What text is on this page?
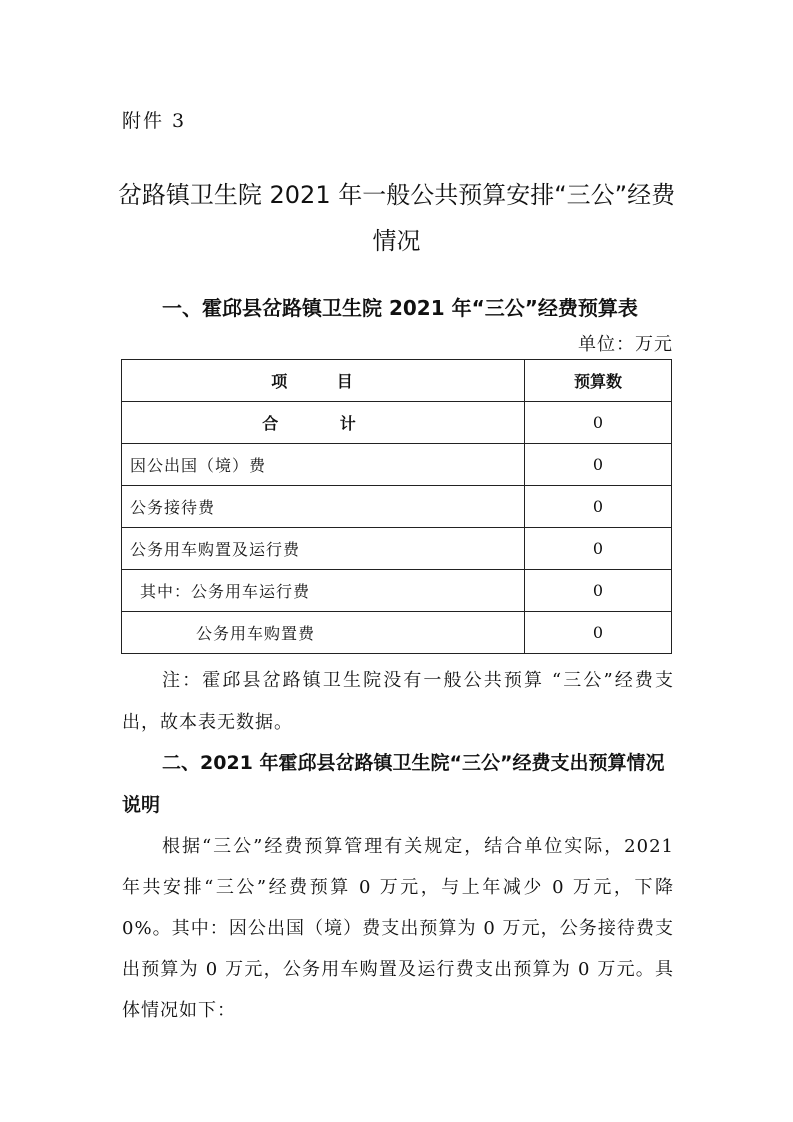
附件 3
岔路镇卫生院 2021 年一般公共预算安排“三公”经费情况
一、霍邱县岔路镇卫生院 2021 年“三公”经费预算表
单位：万元
项 目	预算数
合 计	0
因公出国（境）费	0
公务接待费	0
公务用车购置及运行费	0
其中：公务用车运行费	0
公务用车购置费	0
注：霍邱县岔路镇卫生院没有一般公共预算 “三公”经费支出，故本表无数据。
二、2021 年霍邱县岔路镇卫生院“三公”经费支出预算情况说明
根据“三公”经费预算管理有关规定，结合单位实际，2021 年共安排“三公”经费预算 0 万元，与上年减少 0 万元，下降 0%。其中：因公出国（境）费支出预算为 0 万元，公务接待费支出预算为 0 万元，公务用车购置及运行费支出预算为 0 万元。具体情况如下：
